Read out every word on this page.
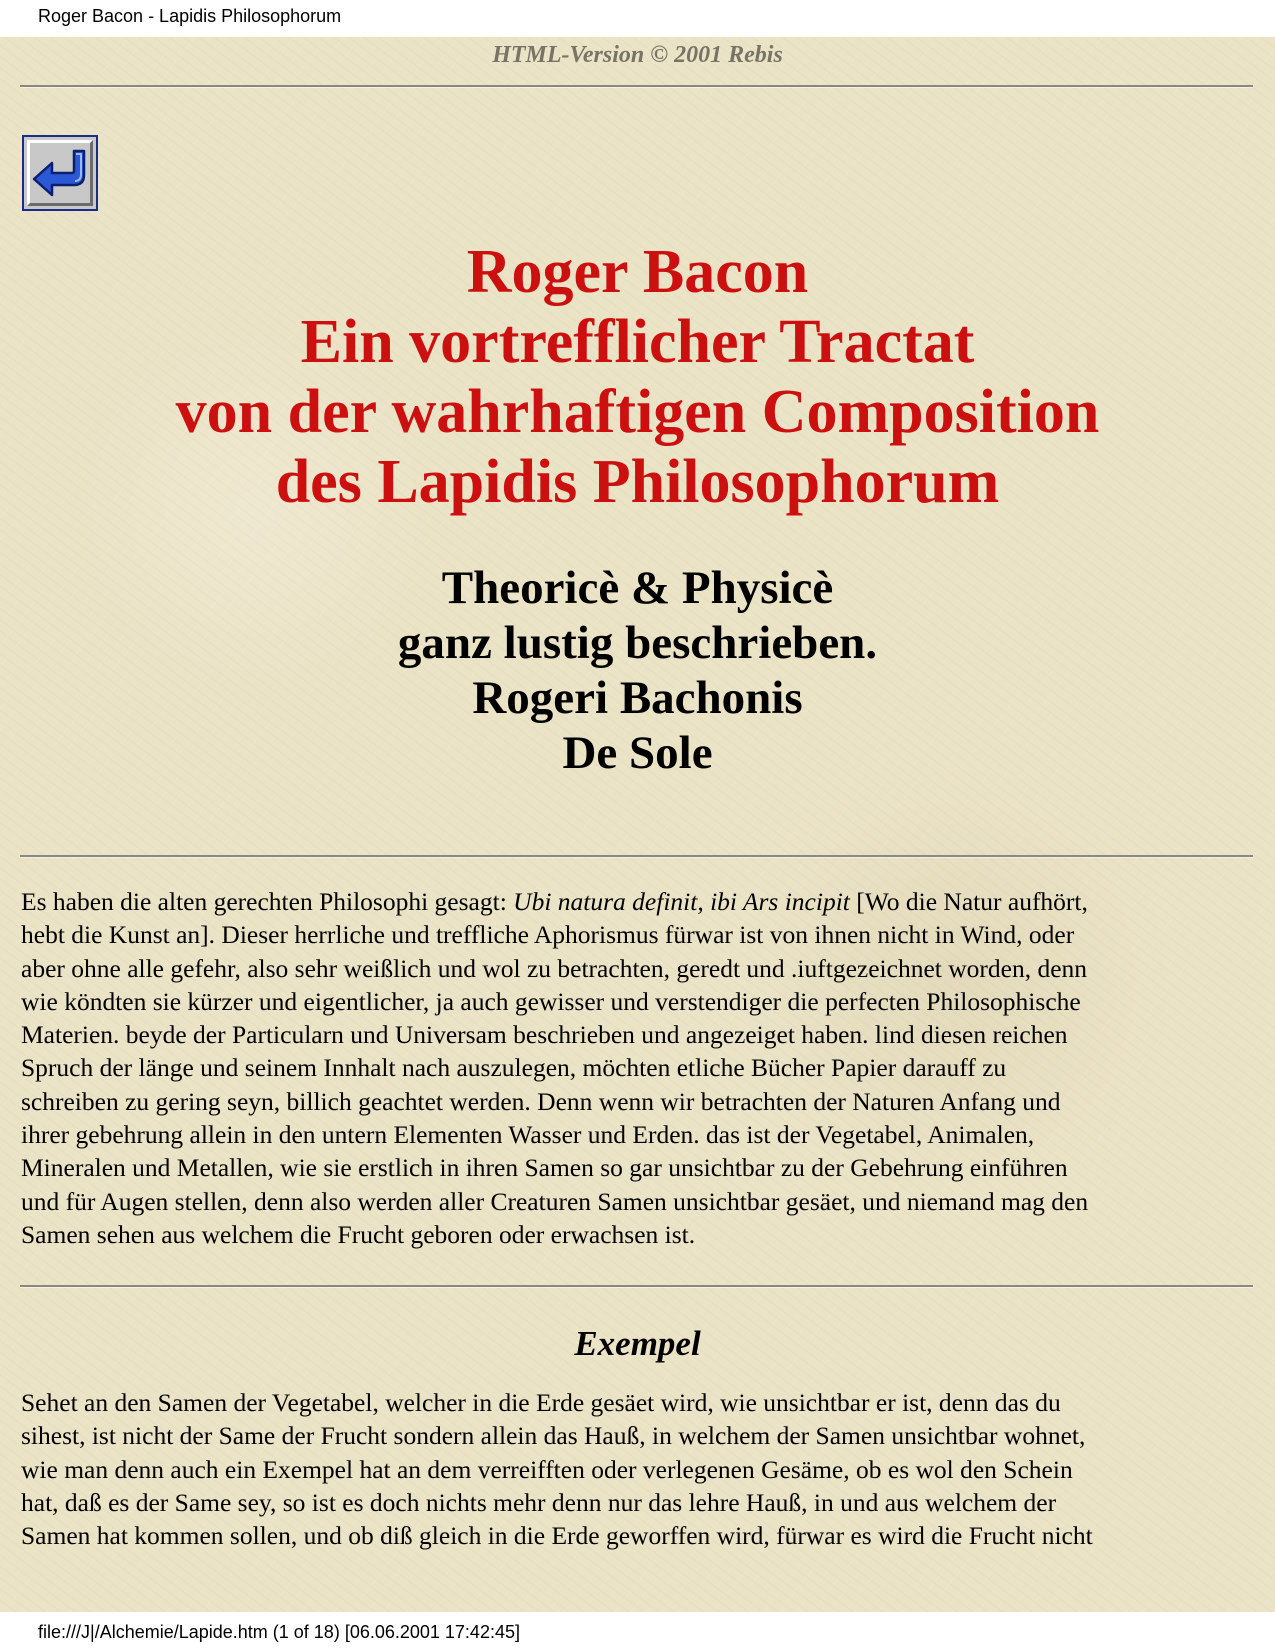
Roger Bacon - Lapidis Philosophorum
HTML-Version © 2001 Rebis
Roger Bacon
Ein vortrefflicher Tractat
von der wahrhaftigen Composition
des Lapidis Philosophorum
Theoricè & Physicè
ganz lustig beschrieben.
Rogeri Bachonis
De Sole
Es haben die alten gerechten Philosophi gesagt: Ubi natura definit, ibi Ars incipit [Wo die Natur aufhört,
hebt die Kunst an]. Dieser herrliche und treffliche Aphorismus fürwar ist von ihnen nicht in Wind, oder
aber ohne alle gefehr, also sehr weißlich und wol zu betrachten, geredt und .iuftgezeichnet worden, denn
wie köndten sie kürzer und eigentlicher, ja auch gewisser und verstendiger die perfecten Philosophische
Materien. beyde der Particularn und Universam beschrieben und angezeiget haben. lind diesen reichen
Spruch der länge und seinem Innhalt nach auszulegen, möchten etliche Bücher Papier darauff zu
schreiben zu gering seyn, billich geachtet werden. Denn wenn wir betrachten der Naturen Anfang und
ihrer gebehrung allein in den untern Elementen Wasser und Erden. das ist der Vegetabel, Animalen,
Mineralen und Metallen, wie sie erstlich in ihren Samen so gar unsichtbar zu der Gebehrung einführen
und für Augen stellen, denn also werden aller Creaturen Samen unsichtbar gesäet, und niemand mag den
Samen sehen aus welchem die Frucht geboren oder erwachsen ist.
Exempel
Sehet an den Samen der Vegetabel, welcher in die Erde gesäet wird, wie unsichtbar er ist, denn das du
sihest, ist nicht der Same der Frucht sondern allein das Hauß, in welchem der Samen unsichtbar wohnet,
wie man denn auch ein Exempel hat an dem verreifften oder verlegenen Gesäme, ob es wol den Schein
hat, daß es der Same sey, so ist es doch nichts mehr denn nur das lehre Hauß, in und aus welchem der
Samen hat kommen sollen, und ob diß gleich in die Erde geworffen wird, fürwar es wird die Frucht nicht
file:///J|/Alchemie/Lapide.htm (1 of 18) [06.06.2001 17:42:45]
